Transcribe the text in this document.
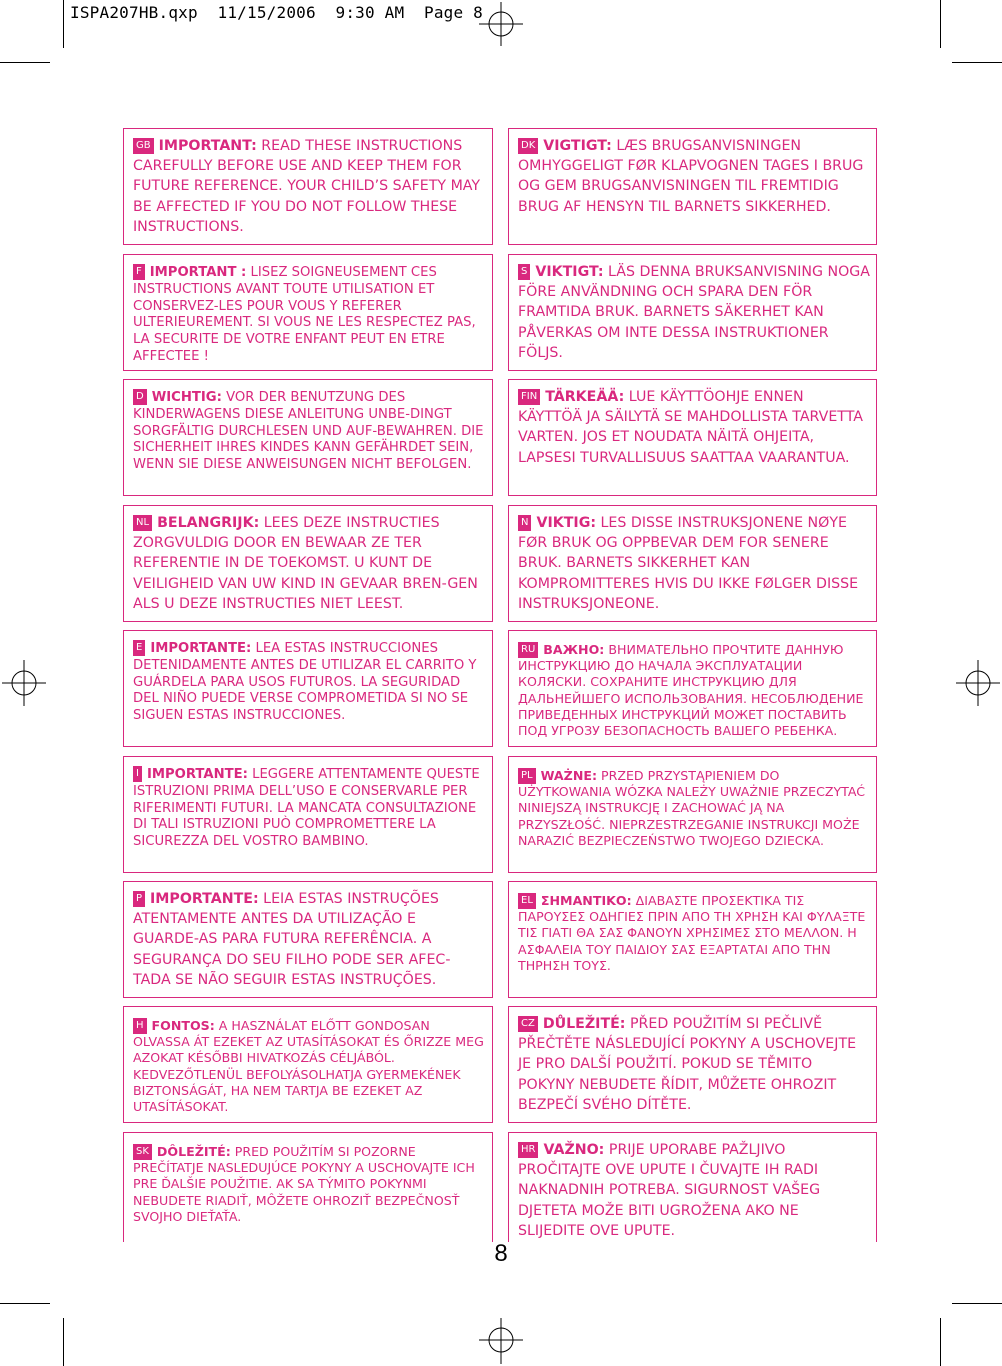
ISPA207HB.qxp  11/15/2006  9:30 AM  Page 8
GB IMPORTANT: READ THESE INSTRUCTIONS CAREFULLY BEFORE USE AND KEEP THEM FOR FUTURE REFERENCE. YOUR CHILD’S SAFETY MAY BE AFFECTED IF YOU DO NOT FOLLOW THESE INSTRUCTIONS.
DK VIGTIGT: LÆS BRUGSANVISNINGEN OMHYGGELIGT FØR KLAPVOGNEN TAGES I BRUG OG GEM BRUGSANVISNINGEN TIL FREMTIDIG BRUG AF HENSYN TIL BARNETS SIKKERHED.
F IMPORTANT : LISEZ SOIGNEUSEMENT CES INSTRUCTIONS AVANT TOUTE UTILISATION ET CONSERVEZ-LES POUR VOUS Y REFERER ULTERIEUREMENT. SI VOUS NE LES RESPECTEZ PAS, LA SECURITE DE VOTRE ENFANT PEUT EN ETRE AFFECTEE !
S VIKTIGT: LÄS DENNA BRUKSANVISNING NOGA FÖRE ANVÄNDNING OCH SPARA DEN FÖR FRAMTIDA BRUK. BARNETS SÄKERHET KAN PÅVERKAS OM INTE DESSA INSTRUKTIONER FÖLJS.
D WICHTIG: VOR DER BENUTZUNG DES KINDERWAGENS DIESE ANLEITUNG UNBE-DINGT SORGFÄLTIG DURCHLESEN UND AUF-BEWAHREN. DIE SICHERHEIT IHRES KINDES KANN GEFÄHRDET SEIN, WENN SIE DIESE ANWEISUNGEN NICHT BEFOLGEN.
FIN TÄRKEÄÄ: LUE KÄYTTÖOHJE ENNEN KÄYTTÖÄ JA SÄILYTÄ SE MAHDOLLISTA TARVETTA VARTEN. JOS ET NOUDATA NÄITÄ OHJEITA, LAPSESI TURVALLISUUS SAATTAA VAARANTUA.
NL BELANGRIJK: LEES DEZE INSTRUCTIES ZORGVULDIG DOOR EN BEWAAR ZE TER REFERENTIE IN DE TOEKOMST. U KUNT DE VEILIGHEID VAN UW KIND IN GEVAAR BREN-GEN ALS U DEZE INSTRUCTIES NIET LEEST.
N VIKTIG: LES DISSE INSTRUKSJONENE NØYE FØR BRUK OG OPPBEVAR DEM FOR SENERE BRUK. BARNETS SIKKERHET KAN KOMPROMITTERES HVIS DU IKKE FØLGER DISSE INSTRUKSJONEONE.
E IMPORTANTE: LEA ESTAS INSTRUCCIONES DETENIDAMENTE ANTES DE UTILIZAR EL CARRITO Y GUÁRDELA PARA USOS FUTUROS. LA SEGURIDAD DEL NIÑO PUEDE VERSE COMPROMETIDA SI NO SE SIGUEN ESTAS INSTRUCCIONES.
RU ВАЖНО: ВНИМАТЕЛЬНО ПРОЧТИТЕ ДАННУЮ ИНСТРУКЦИЮ ДО НАЧАЛА ЭКСПЛУАТАЦИИ КОЛЯСКИ. СОХРАНИТЕ ИНСТРУКЦИЮ ДЛЯ ДАЛЬНЕЙШЕГО ИСПОЛЬЗОВАНИЯ. НЕСОБЛЮДЕНИЕ ПРИВЕДЕННЫХ ИНСТРУКЦИЙ МОЖЕТ ПОСТАВИТЬ ПОД УГРОЗУ БЕЗОПАСНОСТЬ ВАШЕГО РЕБЕНКА.
I IMPORTANTE: LEGGERE ATTENTAMENTE QUESTE ISTRUZIONI PRIMA DELL’USO E CONSERVARLE PER RIFERIMENTI FUTURI. LA MANCATA CONSULTAZIONE DI TALI ISTRUZIONI PUÒ COMPROMETTERE LA SICUREZZA DEL VOSTRO BAMBINO.
PL WAŻNE: PRZED PRZYSTĄPIENIEM DO UŻYTKOWANIA WÓZKA NALEŻY UWAŻNIE PRZECZYTAĆ NINIEJSZĄ INSTRUKCJĘ I ZACHOWAĆ JĄ NA PRZYSZŁOŚĆ. NIEPRZESTRZEGANIE INSTRUKCJI MOŻE NARAZIĆ BEZPIECZEŃSTWO TWOJEGO DZIECKA.
P IMPORTANTE: LEIA ESTAS INSTRUÇÕES ATENTAMENTE ANTES DA UTILIZAÇÃO E GUARDE-AS PARA FUTURA REFERÊNCIA. A SEGURANÇA DO SEU FILHO PODE SER AFEC-TADA SE NÃO SEGUIR ESTAS INSTRUÇÕES.
EL ΣΗΜΑΝΤΙΚΟ: ΔΙΑΒΑΣΤΕ ΠΡΟΣΕΚΤΙΚΑ ΤΙΣ ΠΑΡΟΥΣΕΣ ΟΔΗΓΙΕΣ ΠΡΙΝ ΑΠΟ ΤΗ ΧΡΗΣΗ ΚΑΙ ΦΥΛΑΞΤΕ ΤΙΣ ΓΙΑΤΙ ΘΑ ΣΑΣ ΦΑΝΟΥΝ ΧΡΗΣΙΜΕΣ ΣΤΟ ΜΕΛΛΟΝ. Η ΑΣΦΑΛΕΙΑ ΤΟΥ ΠΑΙΔΙΟΥ ΣΑΣ ΕΞΑΡΤΑΤΑΙ ΑΠΟ ΤΗΝ ΤΗΡΗΣΗ ΤΟΥΣ.
H FONTOS: A HASZNÁLAT ELŐTT GONDOSAN OLVASSA ÁT EZEKET AZ UTASÍTÁSOKAT ÉS ŐRIZZE MEG AZOKAT KÉSŐBBI HIVATKOZÁS CÉLJÁBÓL. KEDVEZŐTLENÜL BEFOLYÁSOLHATJA GYERMEKÉNEK BIZTONSÁGÁT, HA NEM TARTJA BE EZEKET AZ UTASÍTÁSOKAT.
CZ DŮLEŽITÉ: PŘED POUŽITÍM SI PEČLIVĚ PŘEČTĚTE NÁSLEDUJÍCÍ POKYNY A USCHOVEJTE JE PRO DALŠÍ POUŽITÍ. POKUD SE TĚMITO POKYNY NEBUDETE ŘÍDIT, MŮŽETE OHROZIT BEZPEČÍ SVÉHO DÍTĚTE.
SK DÔLEŽITÉ: PRED POUŽITÍM SI POZORNE PREČÍTATJE NASLEDUJÚCE POKYNY A USCHOVAJTE ICH PRE ĎALŠIE POUŽITIE. AK SA TÝMITO POKYNMI NEBUDETE RIADIŤ, MÔŽETE OHROZIŤ BEZPEČNOSŤ SVOJHO DIEŤAŤA.
HR VAŽNO: PRIJE UPORABE PAŽLJIVO PROČITAJTE OVE UPUTE I ČUVAJTE IH RADI NAKNADNIH POTREBA. SIGURNOST VAŠEG DJETETA MOŽE BITI UGROŽENA AKO NE SLIJEDITE OVE UPUTE.
8
